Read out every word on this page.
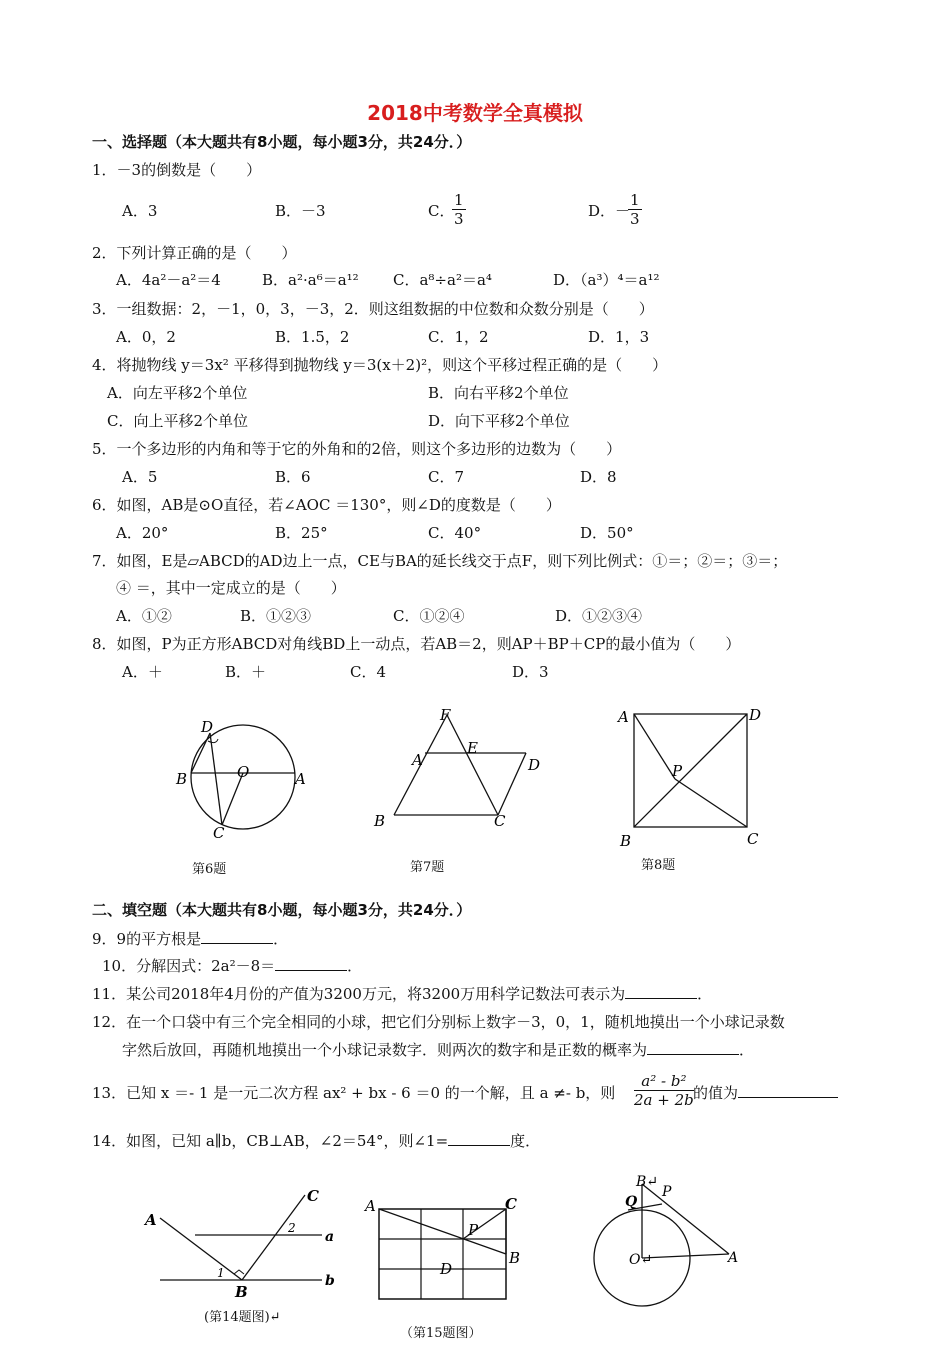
2018中考数学全真模拟
一、选择题（本大题共有8小题，每小题3分，共24分．）
1．－3的倒数是（　　）
A．3	B．－3	C．
$\frac{1}{3}$	D．－
$\frac{1}{3}$
2．下列计算正确的是（　　）
A．4a²－a²＝4	B．a²·a⁶＝a¹² C．a⁸÷a²＝a⁴	D．（a³）⁴＝a¹²
3．一组数据：2，－1，0，3，－3，2．则这组数据的中位数和众数分别是（　　）
A．0，2	B．1.5，2	C．1，2	D．1，3
4．将抛物线 y＝3x² 平移得到抛物线 y＝3(x＋2)²，则这个平移过程正确的是（　　）
A．向左平移2个单位	B．向右平移2个单位
C．向上平移2个单位	D．向下平移2个单位
5．一个多边形的内角和等于它的外角和的2倍，则这个多边形的边数为（　　）
A．5	B．6	C．7	D．8
6．如图，AB是⊙O直径，若∠AOC ＝130°，则∠D的度数是（　　）
A．20°	B．25°	C．40°	D．50°
7．如图，E是▱ABCD的AD边上一点，CE与BA的延长线交于点F，则下列比例式：①＝；②＝；③＝；
④ ＝，其中一定成立的是（　　）
A．①②	B．①②③	C．①②④	D．①②③④
8．如图，P为正方形ABCD对角线BD上一动点，若AB＝2，则AP＋BP＋CP的最小值为（　　）
A．＋	B．＋	C．4	D．3
D
B	O	A
C
第6题
F
E
A	D
B	C
第7题
A	D
P
B	C
第8题
二、填空题（本大题共有8小题，每小题3分，共24分．）
9．9的平方根是	．
10．分解因式：2a²－8＝	．
11．某公司2018年4月份的产值为3200万元，将3200万用科学记数法可表示为	．
12．在一个口袋中有三个完全相同的小球，把它们分别标上数字－3，0，1，随机地摸出一个小球记录数
字然后放回，再随机地摸出一个小球记录数字．则两次的数字和是正数的概率为	．
13．已知 x ＝- 1 是一元二次方程 ax² + bx - 6 ＝0 的一个解，且 a ≠- b，则 $\frac{\text{a² - b²}}{2a + 2b}$ 的值为
14．如图，已知 a∥b，CB⊥AB，∠2＝54°，则∠1=	度．
A
C
2
a
1	b
B
(第14题图)↵
A	C
P
B
D
（第15题图）
B↵
Q
P
O↵	A
